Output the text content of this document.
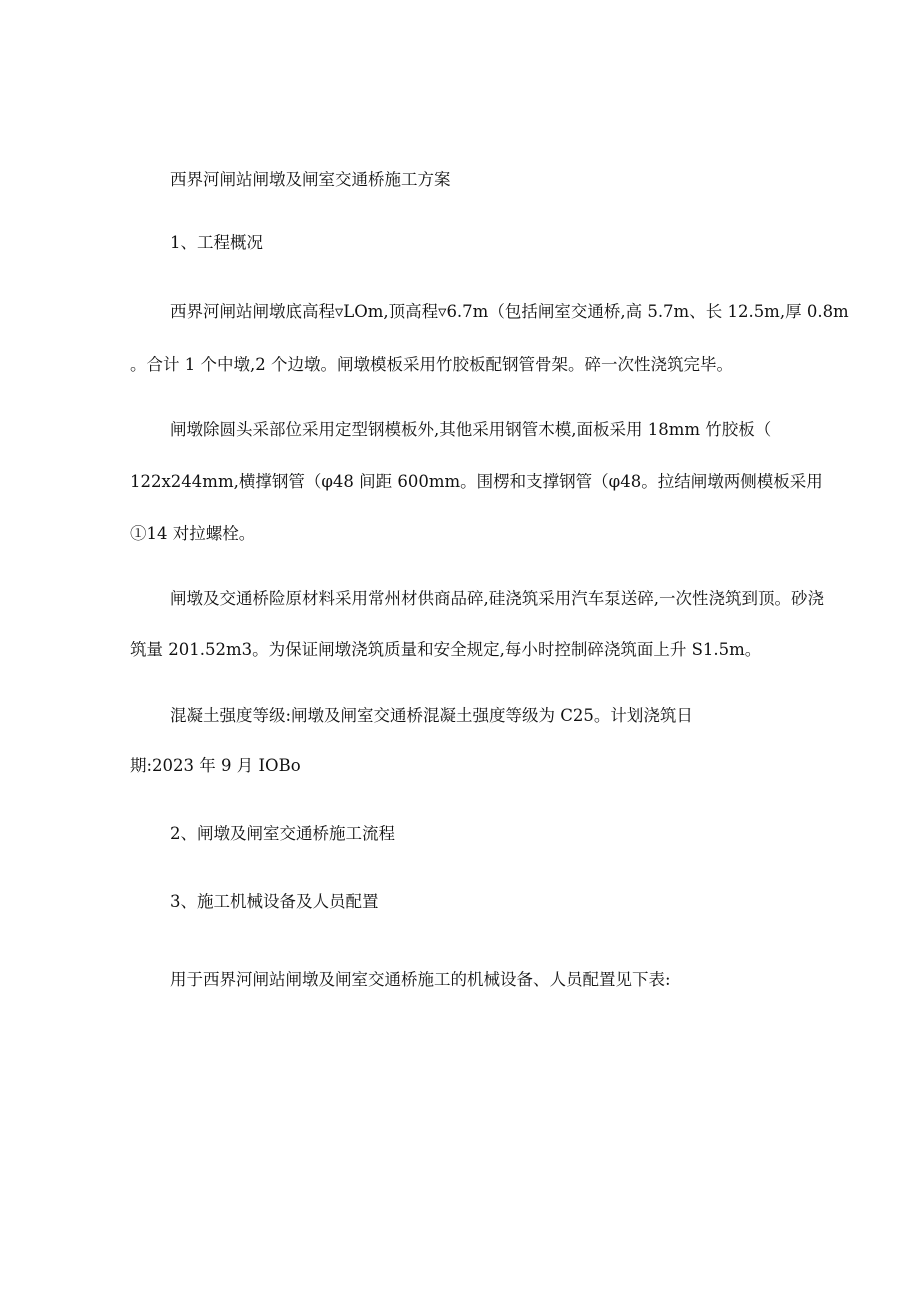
西界河闸站闸墩及闸室交通桥施工方案
1、工程概况
西界河闸站闸墩底高程▿LOm,顶高程▿6.7m（包括闸室交通桥,高 5.7m、长 12.5m,厚 0.8m
。合计 1 个中墩,2 个边墩。闸墩模板采用竹胶板配钢管骨架。碎一次性浇筑完毕。
闸墩除圆头采部位采用定型钢模板外,其他采用钢管木模,面板采用 18mm 竹胶板（
122x244mm,横撑钢管（φ48 间距 600mm。围楞和支撑钢管（φ48。拉结闸墩两侧模板采用
①14 对拉螺栓。
闸墩及交通桥险原材料采用常州材供商品碎,硅浇筑采用汽车泵送碎,一次性浇筑到顶。砂浇
筑量 201.52m3。为保证闸墩浇筑质量和安全规定,每小时控制碎浇筑面上升 S1.5m。
混凝土强度等级:闸墩及闸室交通桥混凝土强度等级为 C25。计划浇筑日
期:2023 年 9 月 IOBo
2、闸墩及闸室交通桥施工流程
3、施工机械设备及人员配置
用于西界河闸站闸墩及闸室交通桥施工的机械设备、人员配置见下表:
